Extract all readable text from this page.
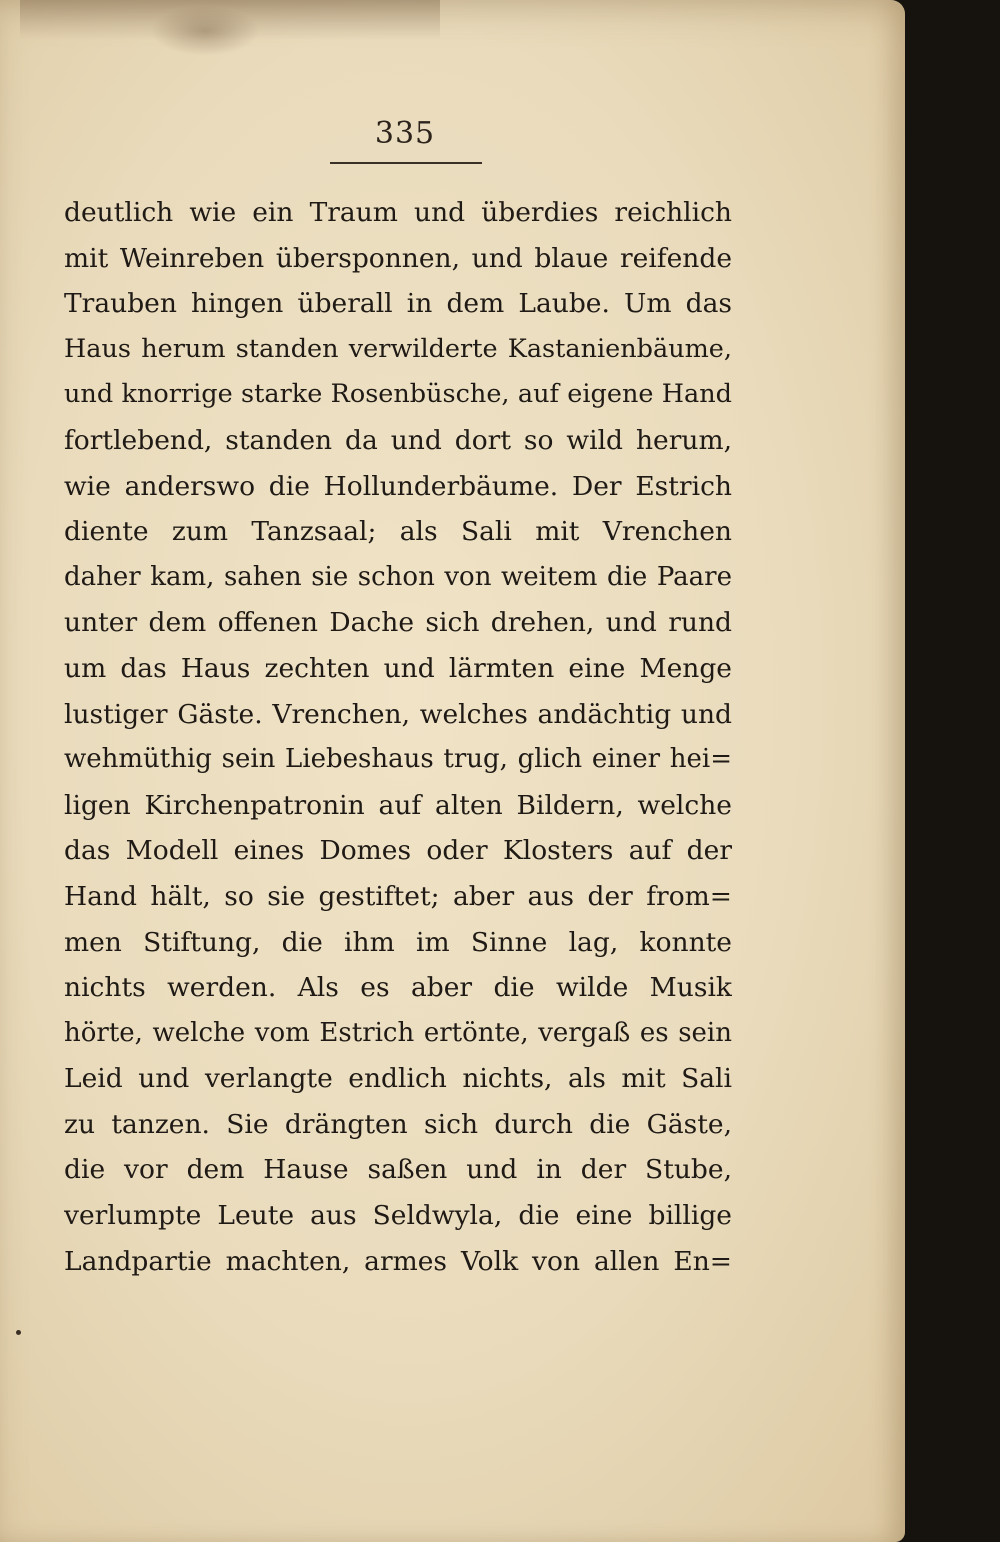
335
deutlich wie ein Traum und überdies reichlich
mit Weinreben übersponnen, und blaue reifende
Trauben hingen überall in dem Laube. Um das
Haus herum standen verwilderte Kastanienbäume,
und knorrige starke Rosenbüsche, auf eigene Hand
fortlebend, standen da und dort so wild herum,
wie anderswo die Hollunderbäume. Der Estrich
diente zum Tanzsaal; als Sali mit Vrenchen
daher kam, sahen sie schon von weitem die Paare
unter dem offenen Dache sich drehen, und rund
um das Haus zechten und lärmten eine Menge
lustiger Gäste. Vrenchen, welches andächtig und
wehmüthig sein Liebeshaus trug, glich einer hei=
ligen Kirchenpatronin auf alten Bildern, welche
das Modell eines Domes oder Klosters auf der
Hand hält, so sie gestiftet; aber aus der from=
men Stiftung, die ihm im Sinne lag, konnte
nichts werden. Als es aber die wilde Musik
hörte, welche vom Estrich ertönte, vergaß es sein
Leid und verlangte endlich nichts, als mit Sali
zu tanzen. Sie drängten sich durch die Gäste,
die vor dem Hause saßen und in der Stube,
verlumpte Leute aus Seldwyla, die eine billige
Landpartie machten, armes Volk von allen En=
